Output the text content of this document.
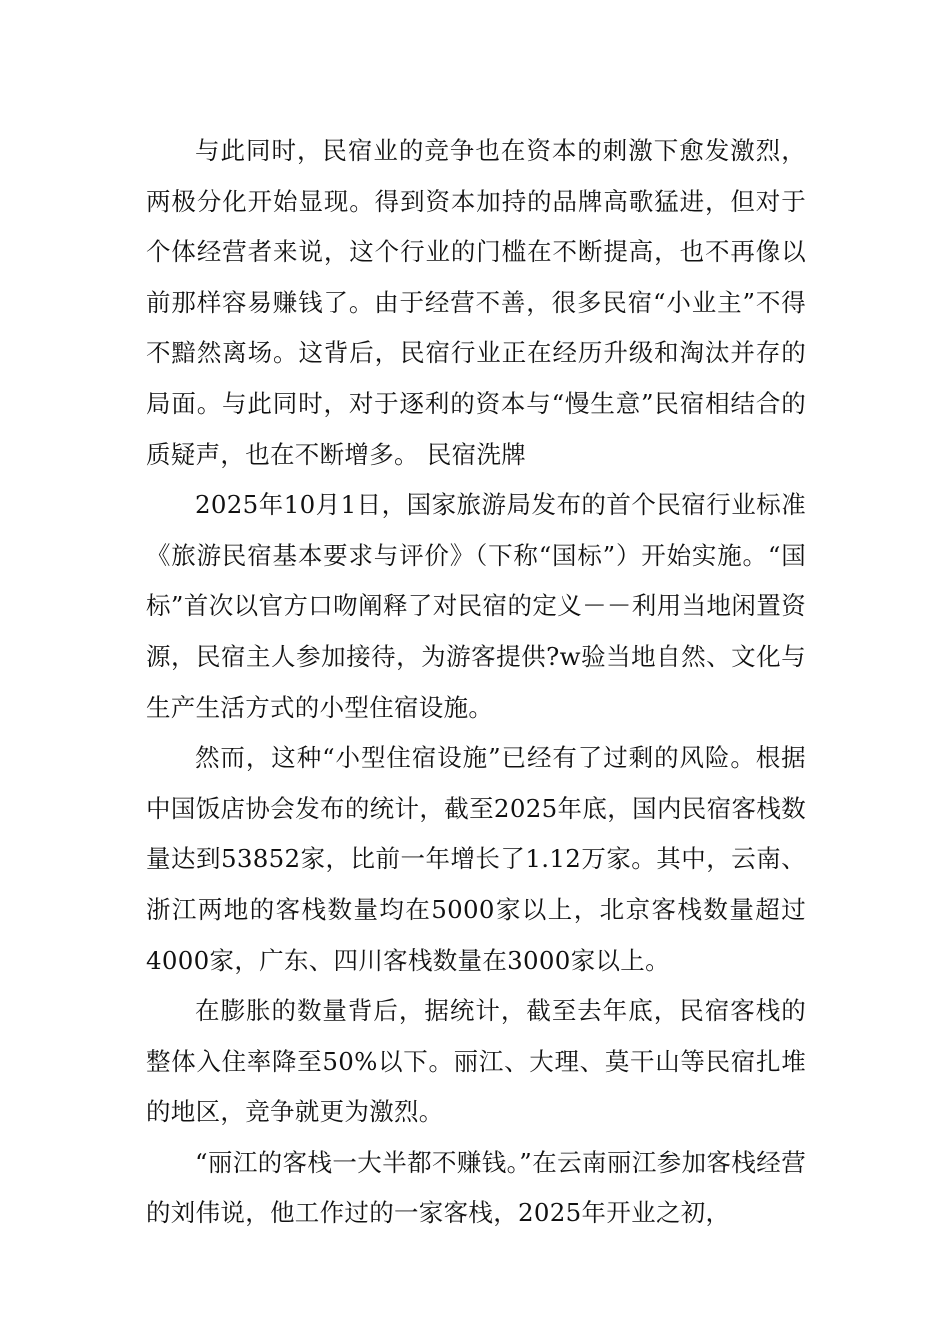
与此同时，民宿业的竞争也在资本的刺激下愈发激烈，两极分化开始显现。得到资本加持的品牌高歌猛进，但对于个体经营者来说，这个行业的门槛在不断提高，也不再像以前那样容易赚钱了。由于经营不善，很多民宿“小业主”不得不黯然离场。这背后，民宿行业正在经历升级和淘汰并存的局面。与此同时，对于逐利的资本与“慢生意”民宿相结合的质疑声，也在不断增多。 民宿洗牌

2025年10月1日，国家旅游局发布的首个民宿行业标准《旅游民宿基本要求与评价》（下称“国标”）开始实施。“国标”首次以官方口吻阐释了对民宿的定义－－利用当地闲置资源，民宿主人参加接待，为游客提供?w验当地自然、文化与生产生活方式的小型住宿设施。

然而，这种“小型住宿设施”已经有了过剩的风险。根据中国饭店协会发布的统计，截至2025年底，国内民宿客栈数量达到53852家，比前一年增长了1.12万家。其中，云南、浙江两地的客栈数量均在5000家以上，北京客栈数量超过4000家，广东、四川客栈数量在3000家以上。

在膨胀的数量背后，据统计，截至去年底，民宿客栈的整体入住率降至50%以下。丽江、大理、莫干山等民宿扎堆的地区，竞争就更为激烈。

“丽江的客栈一大半都不赚钱。”在云南丽江参加客栈经营的刘伟说，他工作过的一家客栈，2025年开业之初，
